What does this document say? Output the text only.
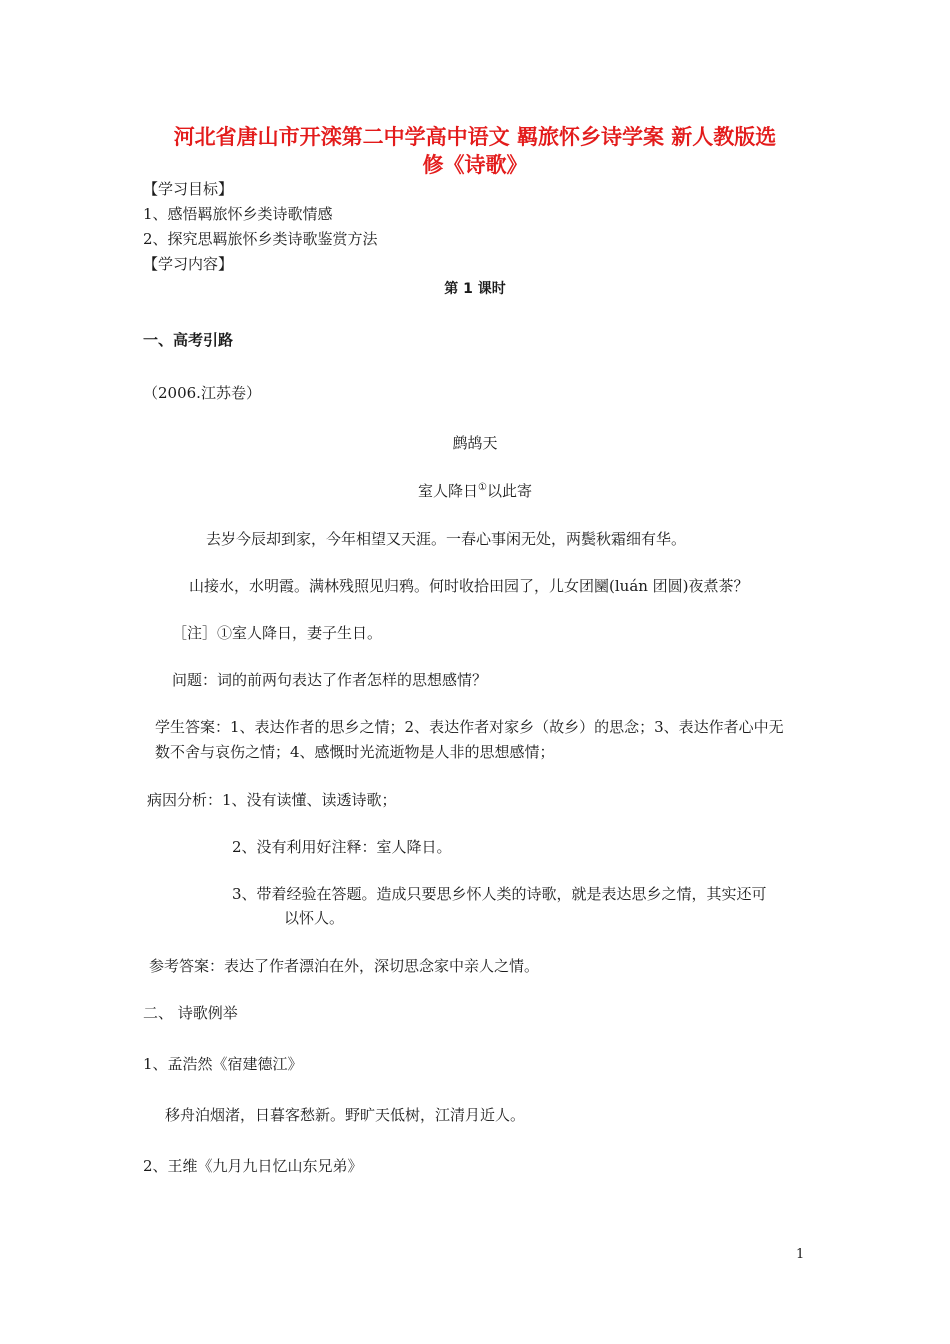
河北省唐山市开滦第二中学高中语文 羁旅怀乡诗学案 新人教版选
修《诗歌》
【学习目标】
1、感悟羁旅怀乡类诗歌情感
2、探究思羁旅怀乡类诗歌鉴赏方法
【学习内容】
第 1 课时
一、高考引路
（2006.江苏卷）
鹧鸪天
室人降日①以此寄
去岁今辰却到家，今年相望又天涯。一春心事闲无处，两鬓秋霜细有华。
山接水，水明霞。满林残照见归鸦。何时收拾田园了，儿女团圞(luán 团圆)夜煮茶？
［注］①室人降日，妻子生日。
问题：词的前两句表达了作者怎样的思想感情？
学生答案：1、表达作者的思乡之情；2、表达作者对家乡（故乡）的思念；3、表达作者心中无
数不舍与哀伤之情；4、感慨时光流逝物是人非的思想感情；
病因分析：1、没有读懂、读透诗歌；
2、没有利用好注释：室人降日。
3、带着经验在答题。造成只要思乡怀人类的诗歌，就是表达思乡之情，其实还可
以怀人。
参考答案：表达了作者漂泊在外，深切思念家中亲人之情。
二、 诗歌例举
1、孟浩然《宿建德江》
移舟泊烟渚，日暮客愁新。野旷天低树，江清月近人。
2、王维《九月九日忆山东兄弟》
1
